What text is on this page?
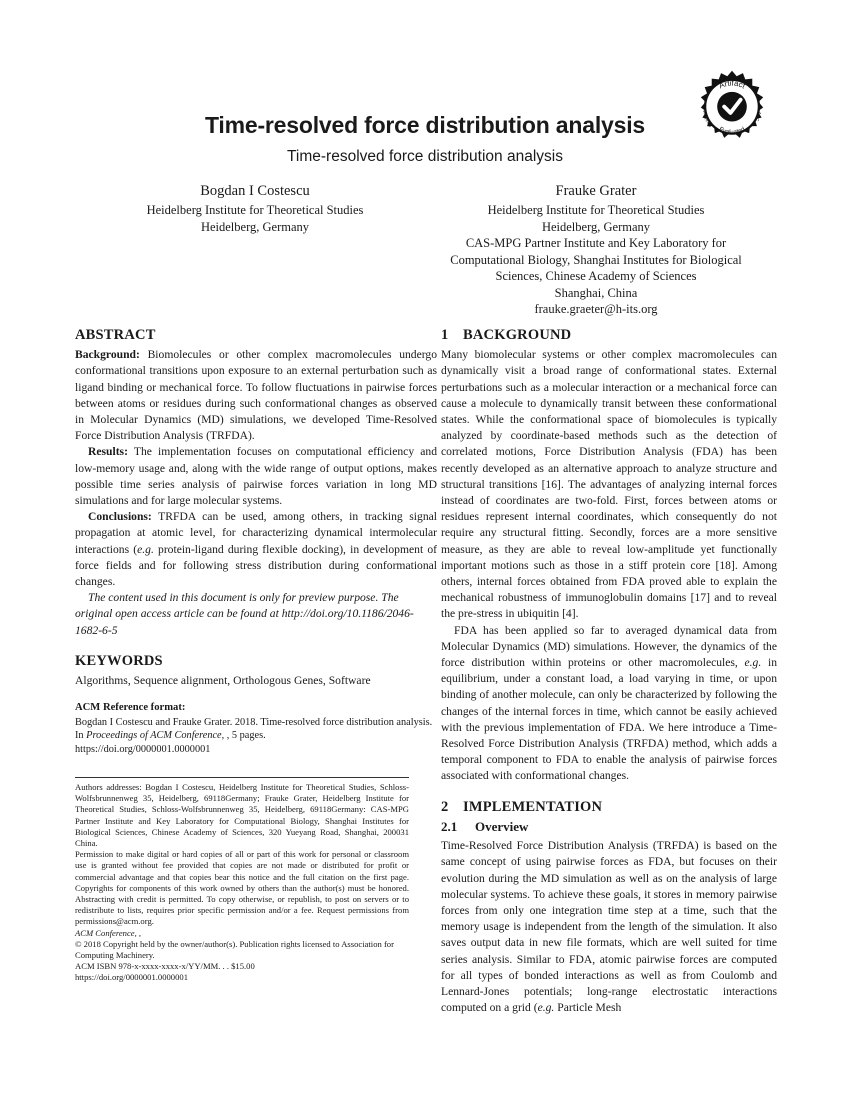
Artifact
Evaluated
Replicated
AEC
Time-resolved force distribution analysis
Time-resolved force distribution analysis
Bogdan I Costescu
Heidelberg Institute for Theoretical Studies
Heidelberg, Germany
Frauke Grater
Heidelberg Institute for Theoretical Studies
Heidelberg, Germany
CAS-MPG Partner Institute and Key Laboratory for
Computational Biology, Shanghai Institutes for Biological
Sciences, Chinese Academy of Sciences
Shanghai, China
frauke.graeter@h-its.org
ABSTRACT

Background: Biomolecules or other complex macromolecules undergo conformational transitions upon exposure to an external perturbation such as ligand binding or mechanical force. To follow fluctuations in pairwise forces between atoms or residues during such conformational changes as observed in Molecular Dynamics (MD) simulations, we developed Time-Resolved Force Distribution Analysis (TRFDA).

Results: The implementation focuses on computational efficiency and low-memory usage and, along with the wide range of output options, makes possible time series analysis of pairwise forces variation in long MD simulations and for large molecular systems.

Conclusions: TRFDA can be used, among others, in tracking signal propagation at atomic level, for characterizing dynamical intermolecular interactions (e.g. protein-ligand during flexible docking), in development of force fields and for following stress distribution during conformational changes.

The content used in this document is only for preview purpose. The original open access article can be found at http://doi.org/10.1186/2046-1682-6-5

KEYWORDS

Algorithms, Sequence alignment, Orthologous Genes, Software

ACM Reference format:
Bogdan I Costescu and Frauke Grater. 2018. Time-resolved force distribution analysis. In Proceedings of ACM Conference, , 5 pages.
https://doi.org/0000001.0000001
Authors addresses: Bogdan I Costescu, Heidelberg Institute for Theoretical Studies, Schloss-Wolfsbrunnenweg 35, Heidelberg, 69118Germany; Frauke Grater, Heidelberg Institute for Theoretical Studies, Schloss-Wolfsbrunnenweg 35, Heidelberg, 69118Germany: CAS-MPG Partner Institute and Key Laboratory for Computational Biology, Shanghai Institutes for Biological Sciences, Chinese Academy of Sciences, 320 Yueyang Road, Shanghai, 200031 China.
Permission to make digital or hard copies of all or part of this work for personal or classroom use is granted without fee provided that copies are not made or distributed for profit or commercial advantage and that copies bear this notice and the full citation on the first page. Copyrights for components of this work owned by others than the author(s) must be honored. Abstracting with credit is permitted. To copy otherwise, or republish, to post on servers or to redistribute to lists, requires prior specific permission and/or a fee. Request permissions from permissions@acm.org.
ACM Conference, ,
© 2018 Copyright held by the owner/author(s). Publication rights licensed to Association for Computing Machinery.
ACM ISBN 978-x-xxxx-xxxx-x/YY/MM. . . $15.00
https://doi.org/0000001.0000001
1 BACKGROUND

Many biomolecular systems or other complex macromolecules can dynamically visit a broad range of conformational states. External perturbations such as a molecular interaction or a mechanical force can cause a molecule to dynamically transit between these conformational states. While the conformational space of biomolecules is typically analyzed by coordinate-based methods such as the detection of correlated motions, Force Distribution Analysis (FDA) has been recently developed as an alternative approach to analyze structure and structural transitions [16]. The advantages of analyzing internal forces instead of coordinates are two-fold. First, forces between atoms or residues represent internal coordinates, which consequently do not require any structural fitting. Secondly, forces are a more sensitive measure, as they are able to reveal low-amplitude yet functionally important motions such as those in a stiff protein core [18]. Among others, internal forces obtained from FDA proved able to explain the mechanical robustness of immunoglobulin domains [17] and to reveal the pre-stress in ubiquitin [4].

FDA has been applied so far to averaged dynamical data from Molecular Dynamics (MD) simulations. However, the dynamics of the force distribution within proteins or other macromolecules, e.g. in equilibrium, under a constant load, a load varying in time, or upon binding of another molecule, can only be characterized by following the changes of the internal forces in time, which cannot be easily achieved with the previous implementation of FDA. We here introduce a Time-Resolved Force Distribution Analysis (TRFDA) method, which adds a temporal component to FDA to enable the analysis of pairwise forces associated with conformational changes.

2 IMPLEMENTATION
2.1 Overview

Time-Resolved Force Distribution Analysis (TRFDA) is based on the same concept of using pairwise forces as FDA, but focuses on their evolution during the MD simulation as well as on the analysis of large molecular systems. To achieve these goals, it stores in memory pairwise forces from only one integration time step at a time, such that the memory usage is independent from the length of the simulation. It also saves output data in new file formats, which are well suited for time series analysis. Similar to FDA, atomic pairwise forces are computed for all types of bonded interactions as well as from Coulomb and Lennard-Jones potentials; long-range electrostatic interactions computed on a grid (e.g. Particle Mesh
